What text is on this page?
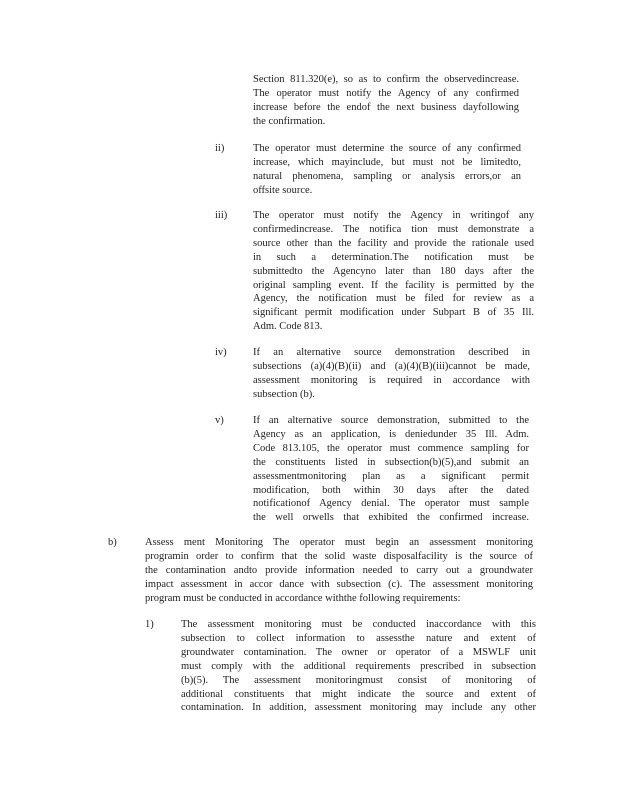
Section 811.320(e), so as to confirm the observedincrease.
The operator must notify the Agency of any confirmed
increase before the endof the next business dayfollowing
the confirmation.
ii)	The operator must determine the source of any confirmed
increase, which mayinclude, but must not be limitedto,
natural phenomena, sampling or analysis errors,or an
offsite source.
iii) The operator must notify the Agency in writingof any
confirmedincrease. The notifica tion must demonstrate a
source other than the facility and provide the rationale used
in such a determination.The notification must be
submittedto the Agencyno later than 180 days after the
original sampling event. If the facility is permitted by the
Agency, the notification must be filed for review as a
significant permit modification under Subpart B of 35 Ill.
Adm. Code 813.
iv)	If an alternative source demonstration described in
subsections (a)(4)(B)(ii) and (a)(4)(B)(iii)cannot be made,
assessment monitoring is required in accordance with
subsection (b).
v)	If an alternative source demonstration, submitted to the
Agency as an application, is deniedunder 35 Ill. Adm.
Code 813.105, the operator must commence sampling for
the constituents listed in subsection(b)(5),and submit an
assessmentmonitoring plan as a significant permit
modification, both within 30 days after the dated
notificationof Agency denial. The operator must sample
the well orwells that exhibited the confirmed increase.
b)	Assess ment Monitoring The operator must begin an assessment monitoring
programin order to confirm that the solid waste disposalfacility is the source of
the contamination andto provide information needed to carry out a groundwater
impact assessment in accor dance with subsection (c). The assessment monitoring
program must be conducted in accordance withthe following requirements:
1)	The assessment monitoring must be conducted inaccordance with this
subsection to collect information to assessthe nature and extent of
groundwater contamination. The owner or operator of a MSWLF unit
must comply with the additional requirements prescribed in subsection
(b)(5). The assessment monitoringmust consist of monitoring of
additional constituents that might indicate the source and extent of
contamination. In addition, assessment monitoring may include any other
